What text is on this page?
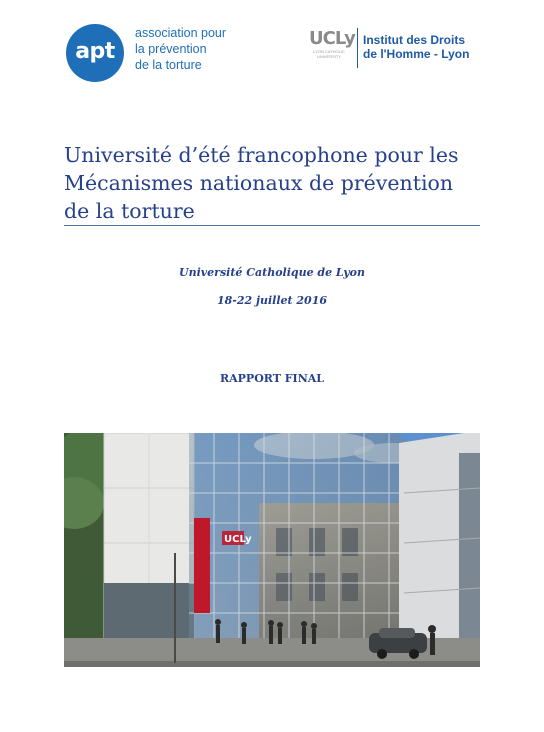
apt
association pour
la prévention
de la torture
UCLy
LYON CATHOLIC
UNIVERSITY
Institut des Droits
de l'Homme - Lyon
Université d’été francophone pour les
Mécanismes nationaux de prévention
de la torture
Université Catholique de Lyon
18-22 juillet 2016
RAPPORT FINAL
UCLy
